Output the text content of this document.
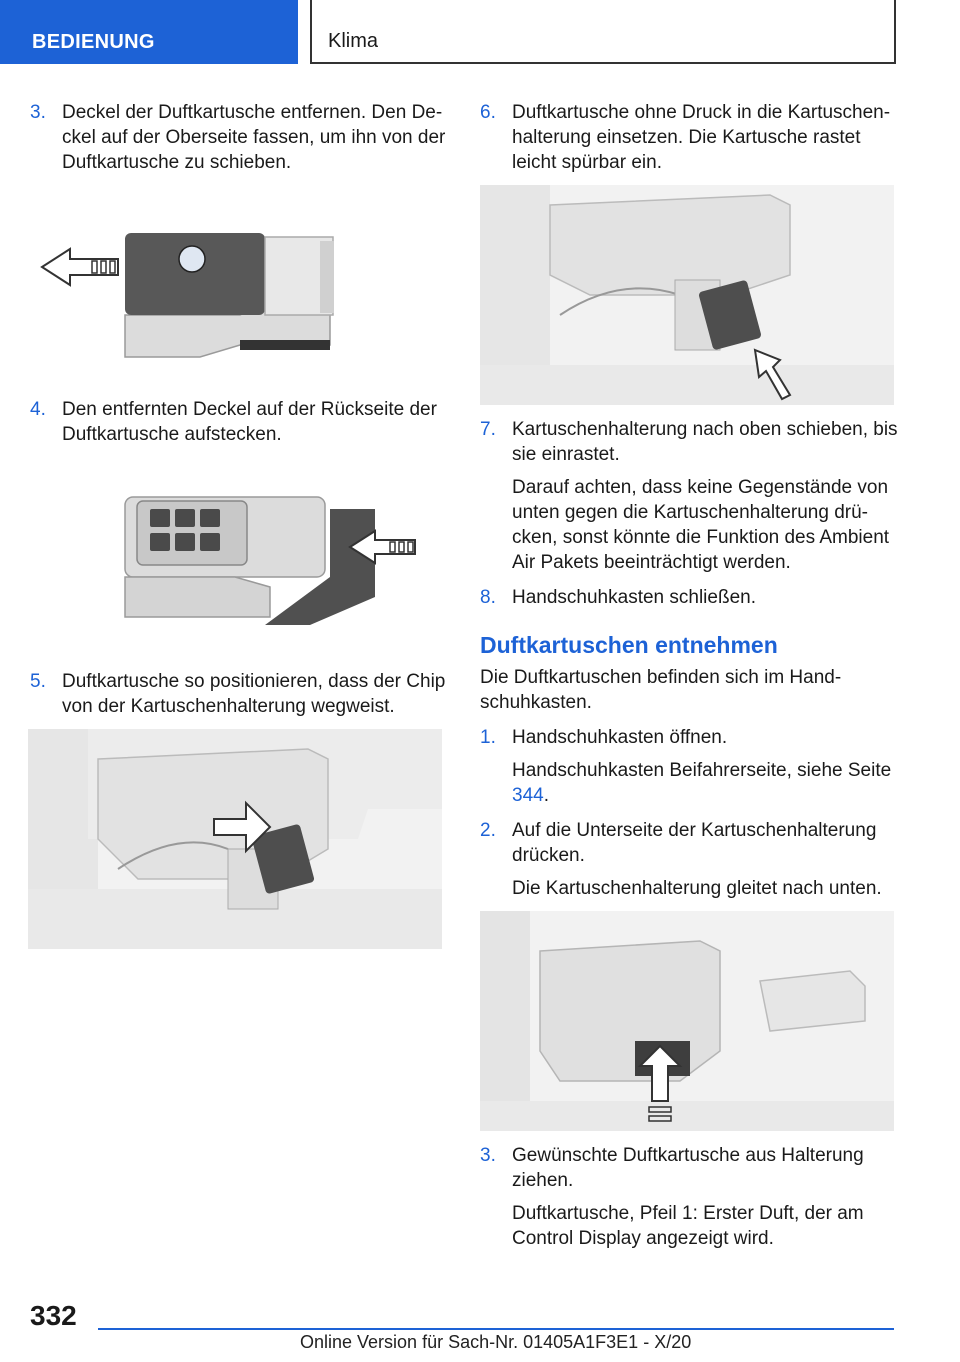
BEDIENUNG	Klima
3. Deckel der Duftkartusche entfernen. Den Deckel auf der Oberseite fassen, um ihn von der Duftkartusche zu schieben.

4. Den entfernten Deckel auf der Rückseite der Duftkartusche aufstecken.

5. Duftkartusche so positionieren, dass der Chip von der Kartuschenhalterung wegweist.

6. Duftkartusche ohne Druck in die Kartuschenhalterung einsetzen. Die Kartusche rastet leicht spürbar ein.

7. Kartuschenhalterung nach oben schieben, bis sie einrastet.

Darauf achten, dass keine Gegenstände von unten gegen die Kartuschenhalterung drücken, sonst könnte die Funktion des Ambient Air Pakets beeinträchtigt werden.

8. Handschuhkasten schließen.

Duftkartuschen entnehmen

Die Duftkartuschen befinden sich im Handschuhkasten.

1. Handschuhkasten öffnen.

Handschuhkasten Beifahrerseite, siehe Seite 344.

2. Auf die Unterseite der Kartuschenhalterung drücken.

Die Kartuschenhalterung gleitet nach unten.

3. Gewünschte Duftkartusche aus Halterung ziehen.

Duftkartusche, Pfeil 1: Erster Duft, der am Control Display angezeigt wird.

332
Online Version für Sach-Nr. 01405A1F3E1 - X/20
